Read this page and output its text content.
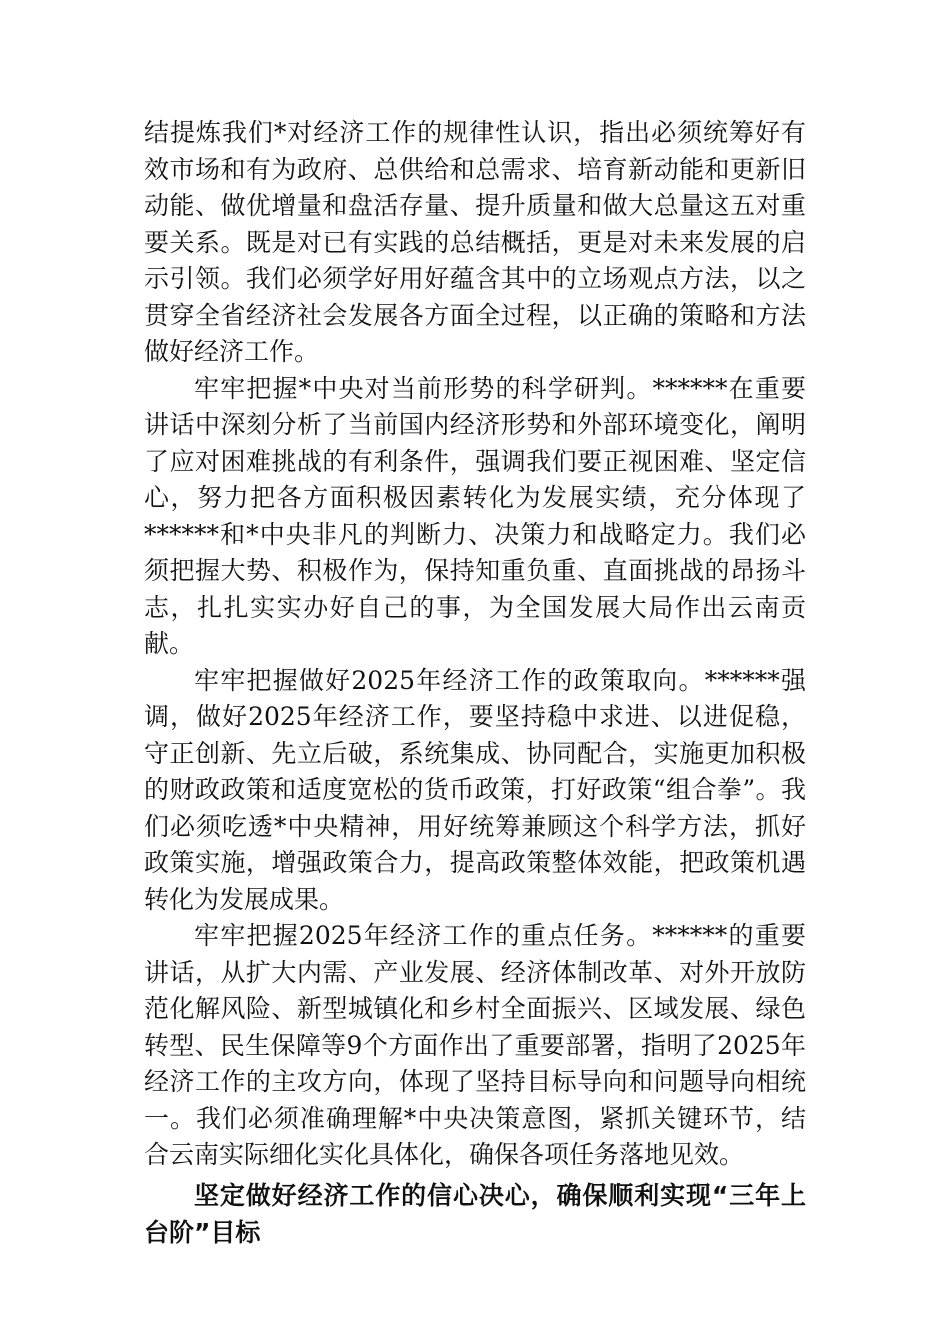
结提炼我们*对经济工作的规律性认识，指出必须统筹好有效市场和有为政府、总供给和总需求、培育新动能和更新旧动能、做优增量和盘活存量、提升质量和做大总量这五对重要关系。既是对已有实践的总结概括，更是对未来发展的启示引领。我们必须学好用好蕴含其中的立场观点方法，以之贯穿全省经济社会发展各方面全过程，以正确的策略和方法做好经济工作。

牢牢把握*中央对当前形势的科学研判。******在重要讲话中深刻分析了当前国内经济形势和外部环境变化，阐明了应对困难挑战的有利条件，强调我们要正视困难、坚定信心，努力把各方面积极因素转化为发展实绩，充分体现了******和*中央非凡的判断力、决策力和战略定力。我们必须把握大势、积极作为，保持知重负重、直面挑战的昂扬斗志，扎扎实实办好自己的事，为全国发展大局作出云南贡献。

牢牢把握做好2025年经济工作的政策取向。******强调，做好2025年经济工作，要坚持稳中求进、以进促稳，守正创新、先立后破，系统集成、协同配合，实施更加积极的财政政策和适度宽松的货币政策，打好政策“组合拳”。我们必须吃透*中央精神，用好统筹兼顾这个科学方法，抓好政策实施，增强政策合力，提高政策整体效能，把政策机遇转化为发展成果。

牢牢把握2025年经济工作的重点任务。******的重要讲话，从扩大内需、产业发展、经济体制改革、对外开放防范化解风险、新型城镇化和乡村全面振兴、区域发展、绿色转型、民生保障等9个方面作出了重要部署，指明了2025年经济工作的主攻方向，体现了坚持目标导向和问题导向相统一。我们必须准确理解*中央决策意图，紧抓关键环节，结合云南实际细化实化具体化，确保各项任务落地见效。

坚定做好经济工作的信心决心，确保顺利实现“三年上台阶”目标
